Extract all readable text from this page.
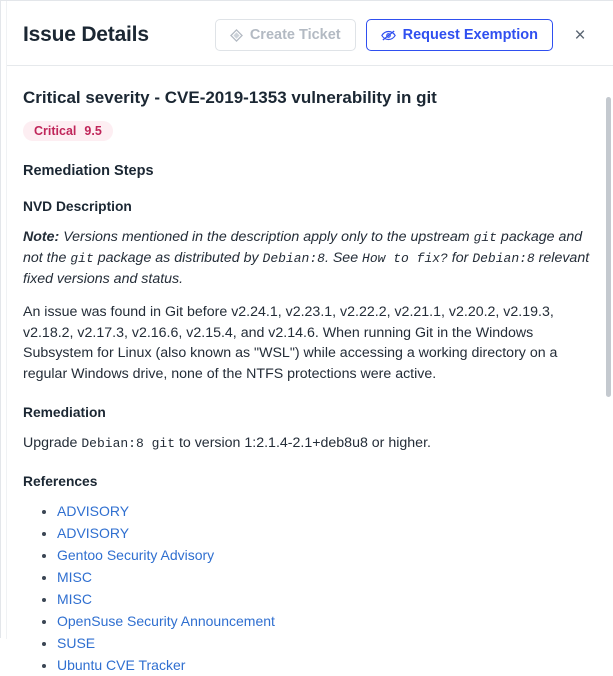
Issue Details	Create Ticket	Request Exemption	×
Critical severity - CVE-2019-1353 vulnerability in git
Critical 9.5
Remediation Steps
NVD Description

Note: Versions mentioned in the description apply only to the upstream git package and not the git package as distributed by Debian:8. See How to fix? for Debian:8 relevant fixed versions and status.

An issue was found in Git before v2.24.1, v2.23.1, v2.22.2, v2.21.1, v2.20.2, v2.19.3, v2.18.2, v2.17.3, v2.16.6, v2.15.4, and v2.14.6. When running Git in the Windows Subsystem for Linux (also known as "WSL") while accessing a working directory on a regular Windows drive, none of the NTFS protections were active.

Remediation

Upgrade Debian:8 git to version 1:2.1.4-2.1+deb8u8 or higher.

References
• ADVISORY
• ADVISORY
• Gentoo Security Advisory
• MISC
• MISC
• OpenSuse Security Announcement
• SUSE
• Ubuntu CVE Tracker
